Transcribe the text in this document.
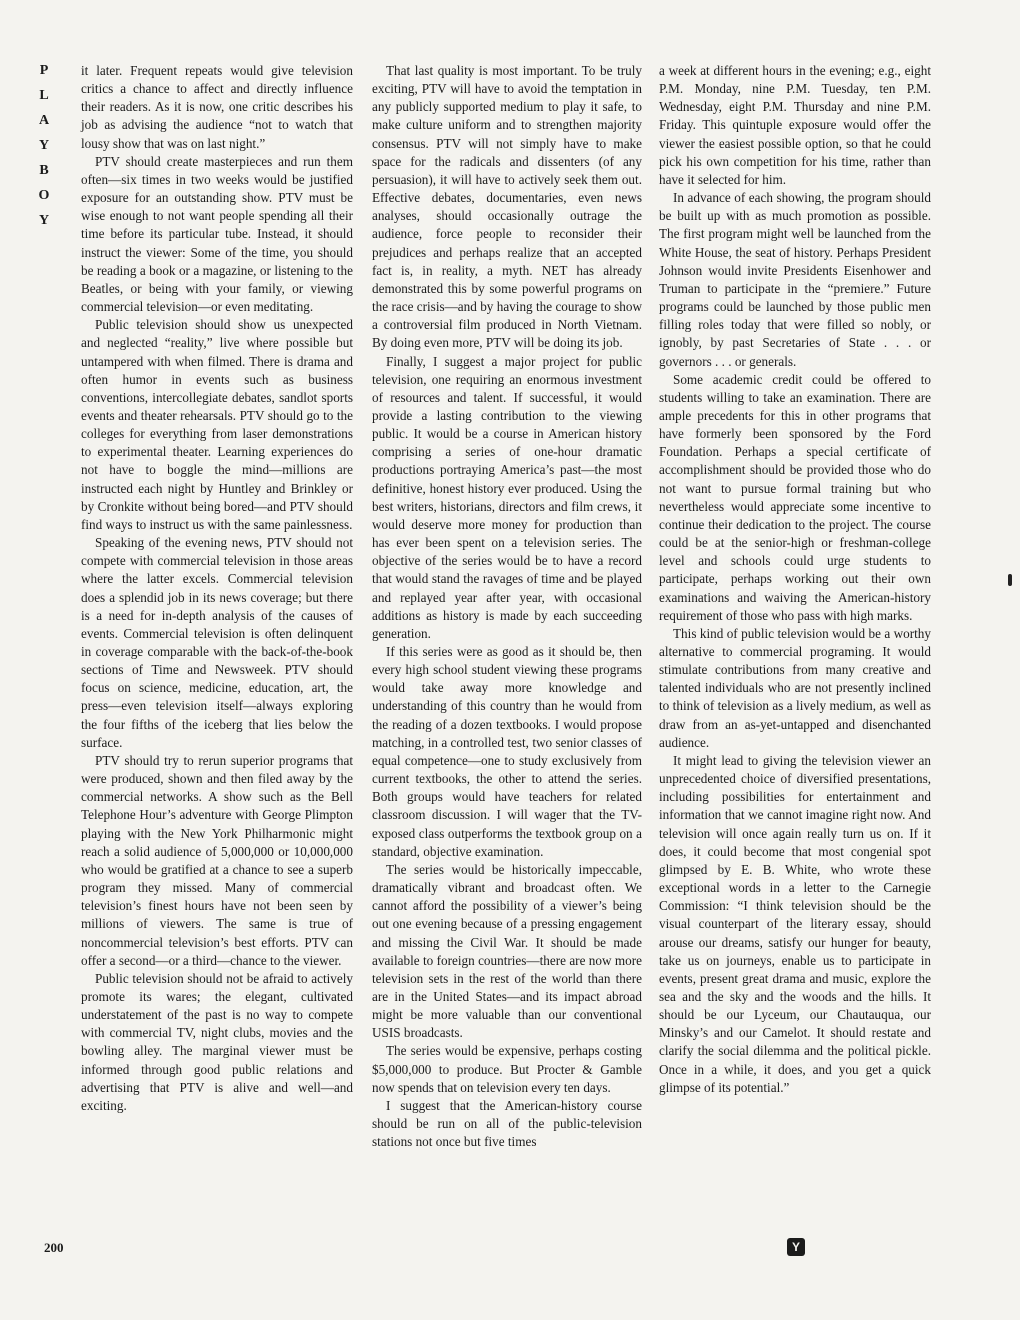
P
L
A
Y
B
O
Y

it later. Frequent repeats would give television critics a chance to affect and directly influence their readers. As it is now, one critic describes his job as advising the audience “not to watch that lousy show that was on last night.”

PTV should create masterpieces and run them often—six times in two weeks would be justified exposure for an outstanding show. PTV must be wise enough to not want people spending all their time before its particular tube. Instead, it should instruct the viewer: Some of the time, you should be reading a book or a magazine, or listening to the Beatles, or being with your family, or viewing commercial television—or even meditating.

Public television should show us unexpected and neglected “reality,” live where possible but untampered with when filmed. There is drama and often humor in events such as business conventions, intercollegiate debates, sandlot sports events and theater rehearsals. PTV should go to the colleges for everything from laser demonstrations to experimental theater. Learning experiences do not have to boggle the mind—millions are instructed each night by Huntley and Brinkley or by Cronkite without being bored—and PTV should find ways to instruct us with the same painlessness.

Speaking of the evening news, PTV should not compete with commercial television in those areas where the latter excels. Commercial television does a splendid job in its news coverage; but there is a need for in-depth analysis of the causes of events. Commercial television is often delinquent in coverage comparable with the back-of-the-book sections of Time and Newsweek. PTV should focus on science, medicine, education, art, the press—even television itself—always exploring the four fifths of the iceberg that lies below the surface.

PTV should try to rerun superior programs that were produced, shown and then filed away by the commercial networks. A show such as the Bell Telephone Hour’s adventure with George Plimpton playing with the New York Philharmonic might reach a solid audience of 5,000,000 or 10,000,000 who would be gratified at a chance to see a superb program they missed. Many of commercial television’s finest hours have not been seen by millions of viewers. The same is true of noncommercial television’s best efforts. PTV can offer a second—or a third—chance to the viewer.

Public television should not be afraid to actively promote its wares; the elegant, cultivated understatement of the past is no way to compete with commercial TV, night clubs, movies and the bowling alley. The marginal viewer must be informed through good public relations and advertising that PTV is alive and well—and exciting.

That last quality is most important. To be truly exciting, PTV will have to avoid the temptation in any publicly supported medium to play it safe, to make culture uniform and to strengthen majority consensus. PTV will not simply have to make space for the radicals and dissenters (of any persuasion), it will have to actively seek them out. Effective debates, documentaries, even news analyses, should occasionally outrage the audience, force people to reconsider their prejudices and perhaps realize that an accepted fact is, in reality, a myth. NET has already demonstrated this by some powerful programs on the race crisis—and by having the courage to show a controversial film produced in North Vietnam. By doing even more, PTV will be doing its job.

Finally, I suggest a major project for public television, one requiring an enormous investment of resources and talent. If successful, it would provide a lasting contribution to the viewing public. It would be a course in American history comprising a series of one-hour dramatic productions portraying America’s past—the most definitive, honest history ever produced. Using the best writers, historians, directors and film crews, it would deserve more money for production than has ever been spent on a television series. The objective of the series would be to have a record that would stand the ravages of time and be played and replayed year after year, with occasional additions as history is made by each succeeding generation.

If this series were as good as it should be, then every high school student viewing these programs would take away more knowledge and understanding of this country than he would from the reading of a dozen textbooks. I would propose matching, in a controlled test, two senior classes of equal competence—one to study exclusively from current textbooks, the other to attend the series. Both groups would have teachers for related classroom discussion. I will wager that the TV-exposed class outperforms the textbook group on a standard, objective examination.

The series would be historically impeccable, dramatically vibrant and broadcast often. We cannot afford the possibility of a viewer’s being out one evening because of a pressing engagement and missing the Civil War. It should be made available to foreign countries—there are now more television sets in the rest of the world than there are in the United States—and its impact abroad might be more valuable than our conventional USIS broadcasts.

The series would be expensive, perhaps costing $5,000,000 to produce. But Procter & Gamble now spends that on television every ten days.

I suggest that the American-history course should be run on all of the public-television stations not once but five times

a week at different hours in the evening; e.g., eight P.M. Monday, nine P.M. Tuesday, ten P.M. Wednesday, eight P.M. Thursday and nine P.M. Friday. This quintuple exposure would offer the viewer the easiest possible option, so that he could pick his own competition for his time, rather than have it selected for him.

In advance of each showing, the program should be built up with as much promotion as possible. The first program might well be launched from the White House, the seat of history. Perhaps President Johnson would invite Presidents Eisenhower and Truman to participate in the “premiere.” Future programs could be launched by those public men filling roles today that were filled so nobly, or ignobly, by past Secretaries of State . . . or governors . . . or generals.

Some academic credit could be offered to students willing to take an examination. There are ample precedents for this in other programs that have formerly been sponsored by the Ford Foundation. Perhaps a special certificate of accomplishment should be provided those who do not want to pursue formal training but who nevertheless would appreciate some incentive to continue their dedication to the project. The course could be at the senior-high or freshman-college level and schools could urge students to participate, perhaps working out their own examinations and waiving the American-history requirement of those who pass with high marks.

This kind of public television would be a worthy alternative to commercial programing. It would stimulate contributions from many creative and talented individuals who are not presently inclined to think of television as a lively medium, as well as draw from an as-yet-untapped and disenchanted audience.

It might lead to giving the television viewer an unprecedented choice of diversified presentations, including possibilities for entertainment and information that we cannot imagine right now. And television will once again really turn us on. If it does, it could become that most congenial spot glimpsed by E. B. White, who wrote these exceptional words in a letter to the Carnegie Commission: “I think television should be the visual counterpart of the literary essay, should arouse our dreams, satisfy our hunger for beauty, take us on journeys, enable us to participate in events, present great drama and music, explore the sea and the sky and the woods and the hills. It should be our Lyceum, our Chautauqua, our Minsky’s and our Camelot. It should restate and clarify the social dilemma and the political pickle. Once in a while, it does, and you get a quick glimpse of its potential.”

200	Y
